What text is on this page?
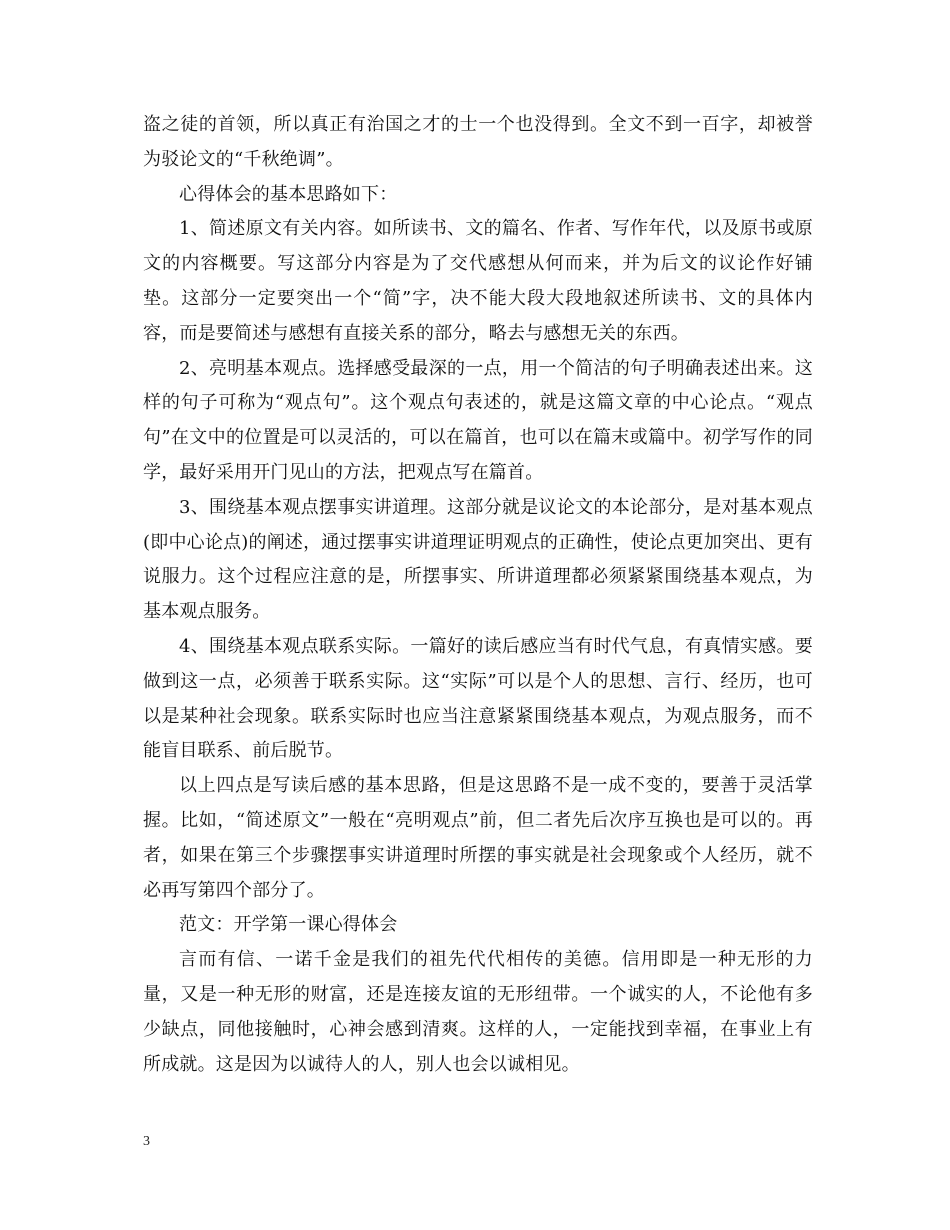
盗之徒的首领，所以真正有治国之才的士一个也没得到。全文不到一百字，却被誉为驳论文的“千秋绝调”。

心得体会的基本思路如下：

1、简述原文有关内容。如所读书、文的篇名、作者、写作年代，以及原书或原文的内容概要。写这部分内容是为了交代感想从何而来，并为后文的议论作好铺垫。这部分一定要突出一个“简”字，决不能大段大段地叙述所读书、文的具体内容，而是要简述与感想有直接关系的部分，略去与感想无关的东西。

2、亮明基本观点。选择感受最深的一点，用一个简洁的句子明确表述出来。这样的句子可称为“观点句”。这个观点句表述的，就是这篇文章的中心论点。“观点句”在文中的位置是可以灵活的，可以在篇首，也可以在篇末或篇中。初学写作的同学，最好采用开门见山的方法，把观点写在篇首。

3、围绕基本观点摆事实讲道理。这部分就是议论文的本论部分，是对基本观点(即中心论点)的阐述，通过摆事实讲道理证明观点的正确性，使论点更加突出、更有说服力。这个过程应注意的是，所摆事实、所讲道理都必须紧紧围绕基本观点，为基本观点服务。

4、围绕基本观点联系实际。一篇好的读后感应当有时代气息，有真情实感。要做到这一点，必须善于联系实际。这“实际”可以是个人的思想、言行、经历，也可以是某种社会现象。联系实际时也应当注意紧紧围绕基本观点，为观点服务，而不能盲目联系、前后脱节。

以上四点是写读后感的基本思路，但是这思路不是一成不变的，要善于灵活掌握。比如，“简述原文”一般在“亮明观点”前，但二者先后次序互换也是可以的。再者，如果在第三个步骤摆事实讲道理时所摆的事实就是社会现象或个人经历，就不必再写第四个部分了。

范文：开学第一课心得体会

言而有信、一诺千金是我们的祖先代代相传的美德。信用即是一种无形的力量，又是一种无形的财富，还是连接友谊的无形纽带。一个诚实的人，不论他有多少缺点，同他接触时，心神会感到清爽。这样的人，一定能找到幸福，在事业上有所成就。这是因为以诚待人的人，别人也会以诚相见。

3
